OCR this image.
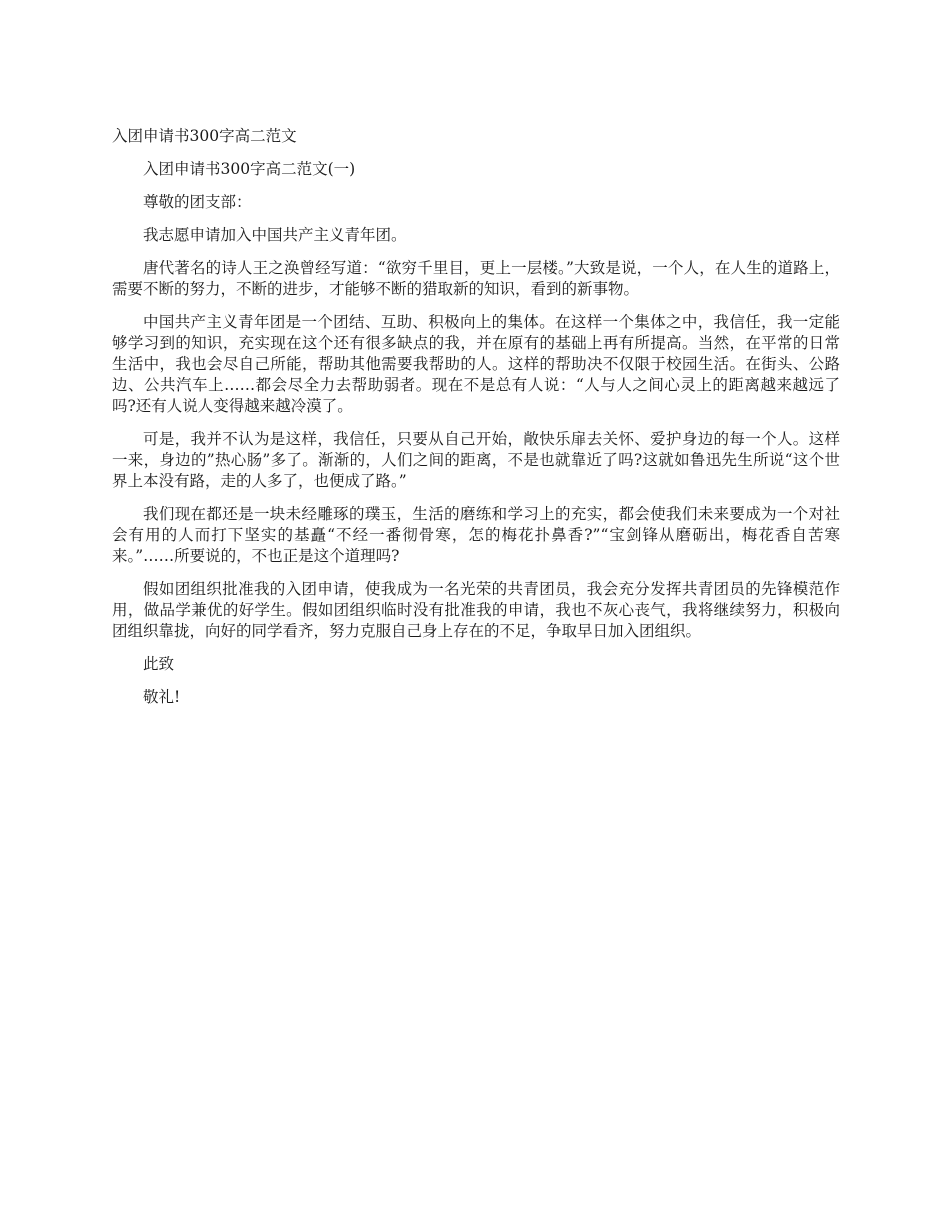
入团申请书300字高二范文

入团申请书300字高二范文(一)

尊敬的团支部：

我志愿申请加入中国共产主义青年团。

唐代著名的诗人王之涣曾经写道：“欲穷千里目，更上一层楼。”大致是说，一个人，在人生的道路上，需要不断的努力，不断的进步，才能够不断的猎取新的知识，看到的新事物。

中国共产主义青年团是一个团结、互助、积极向上的集体。在这样一个集体之中，我信任，我一定能够学习到的知识，充实现在这个还有很多缺点的我，并在原有的基础上再有所提高。当然，在平常的日常生活中，我也会尽自己所能，帮助其他需要我帮助的人。这样的帮助决不仅限于校园生活。在街头、公路边、公共汽车上……都会尽全力去帮助弱者。现在不是总有人说：“人与人之间心灵上的距离越来越远了吗?还有人说人变得越来越冷漠了。

可是，我并不认为是这样，我信任，只要从自己开始，敞快乐扉去关怀、爱护身边的每一个人。这样一来，身边的”热心肠”多了。渐渐的，人们之间的距离，不是也就靠近了吗?这就如鲁迅先生所说“这个世界上本没有路，走的人多了，也便成了路。”

我们现在都还是一块未经雕琢的璞玉，生活的磨练和学习上的充实，都会使我们未来要成为一个对社会有用的人而打下坚实的基矗“不经一番彻骨寒，怎的梅花扑鼻香?”“宝剑锋从磨砺出，梅花香自苦寒来。”……所要说的，不也正是这个道理吗?

假如团组织批准我的入团申请，使我成为一名光荣的共青团员，我会充分发挥共青团员的先锋模范作用，做品学兼优的好学生。假如团组织临时没有批准我的申请，我也不灰心丧气，我将继续努力，积极向团组织靠拢，向好的同学看齐，努力克服自己身上存在的不足，争取早日加入团组织。

此致

敬礼!
